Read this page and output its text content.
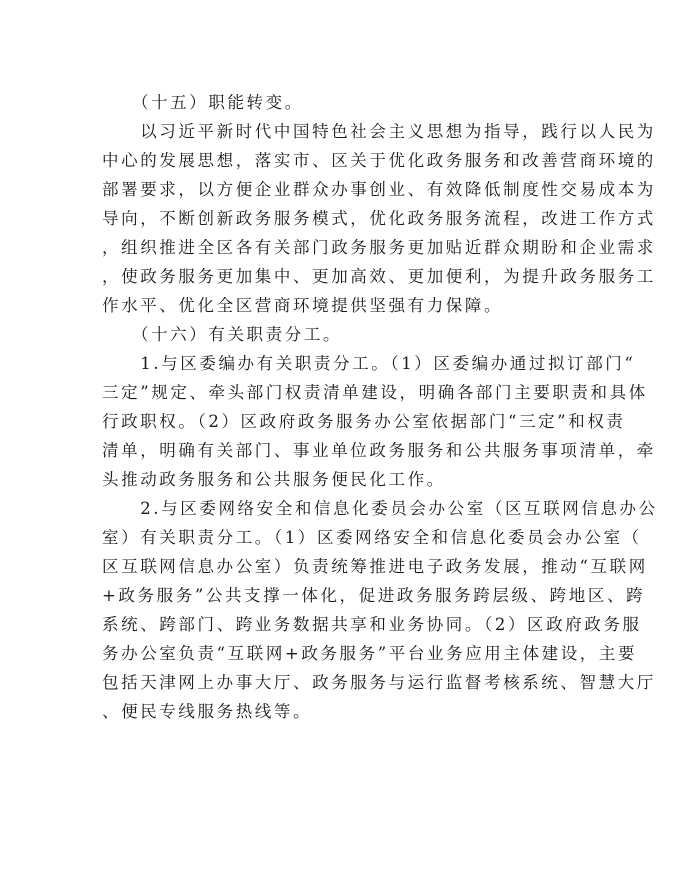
　　（十五）职能转变。
　　以习近平新时代中国特色社会主义思想为指导，践行以人民为
中心的发展思想，落实市、区关于优化政务服务和改善营商环境的
部署要求，以方便企业群众办事创业、有效降低制度性交易成本为
导向，不断创新政务服务模式，优化政务服务流程，改进工作方式
，组织推进全区各有关部门政务服务更加贴近群众期盼和企业需求
，使政务服务更加集中、更加高效、更加便利，为提升政务服务工
作水平、优化全区营商环境提供坚强有力保障。
　　（十六）有关职责分工。
　　1.与区委编办有关职责分工。（1）区委编办通过拟订部门“
三定”规定、牵头部门权责清单建设，明确各部门主要职责和具体
行政职权。（2）区政府政务服务办公室依据部门“三定”和权责
清单，明确有关部门、事业单位政务服务和公共服务事项清单，牵
头推动政务服务和公共服务便民化工作。
　　2.与区委网络安全和信息化委员会办公室（区互联网信息办公
室）有关职责分工。（1）区委网络安全和信息化委员会办公室（
区互联网信息办公室）负责统筹推进电子政务发展，推动“互联网
+政务服务”公共支撑一体化，促进政务服务跨层级、跨地区、跨
系统、跨部门、跨业务数据共享和业务协同。（2）区政府政务服
务办公室负责“互联网+政务服务”平台业务应用主体建设，主要
包括天津网上办事大厅、政务服务与运行监督考核系统、智慧大厅
、便民专线服务热线等。
